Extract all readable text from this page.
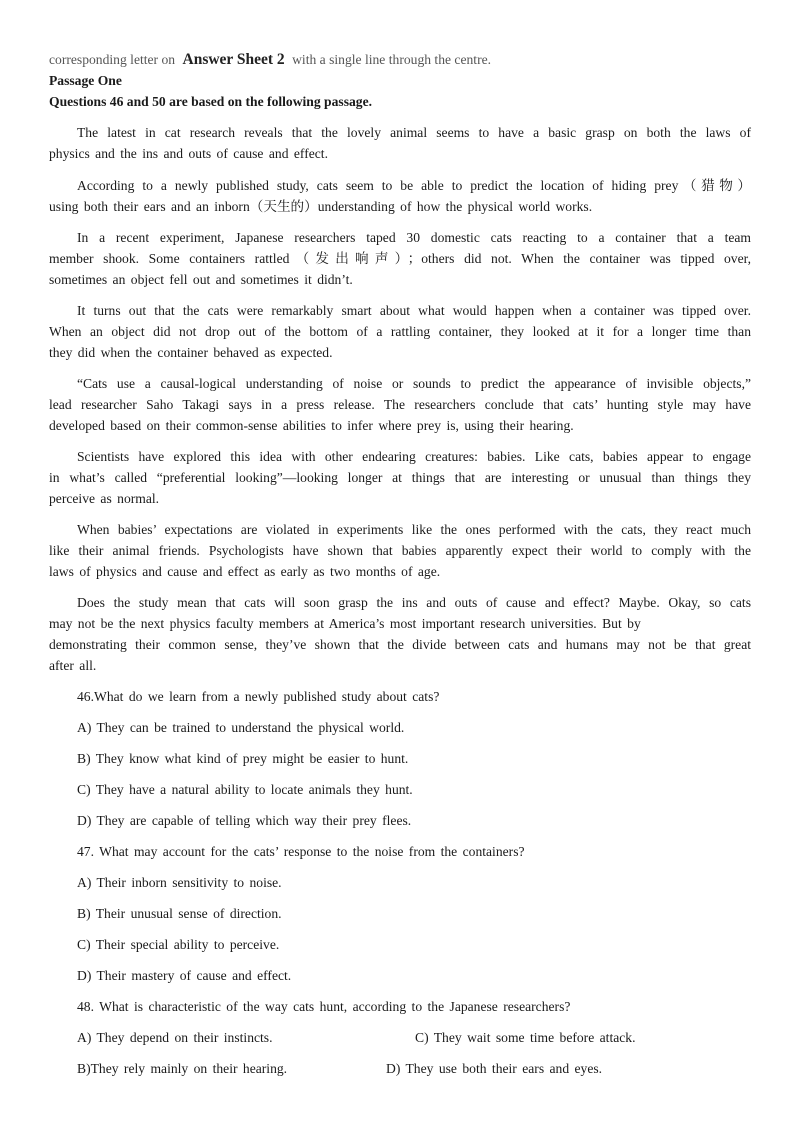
corresponding letter on Answer Sheet 2 with a single line through the centre.
Passage One
Questions 46 and 50 are based on the following passage.
The latest in cat research reveals that the lovely animal seems to have a basic grasp on both the laws of
physics and the ins and outs of cause and effect.
According to a newly published study, cats seem to be able to predict the location of hiding prey（猎物）
using both their ears and an inborn（天生的）understanding of how the physical world works.
In a recent experiment, Japanese researchers taped 30 domestic cats reacting to a container that a team
member shook. Some containers rattled（发出响声）；others did not. When the container was tipped over,
sometimes an object fell out and sometimes it didn’t.
It turns out that the cats were remarkably smart about what would happen when a container was tipped over.
When an object did not drop out of the bottom of a rattling container, they looked at it for a longer time than
they did when the container behaved as expected.
“Cats use a causal-logical understanding of noise or sounds to predict the appearance of invisible objects,”
lead researcher Saho Takagi says in a press release. The researchers conclude that cats’ hunting style may have
developed based on their common-sense abilities to infer where prey is, using their hearing.
Scientists have explored this idea with other endearing creatures: babies. Like cats, babies appear to engage
in what’s called “preferential looking”—looking longer at things that are interesting or unusual than things they
perceive as normal.
When babies’ expectations are violated in experiments like the ones performed with the cats, they react much
like their animal friends. Psychologists have shown that babies apparently expect their world to comply with the
laws of physics and cause and effect as early as two months of age.
Does the study mean that cats will soon grasp the ins and outs of cause and effect? Maybe. Okay, so cats
may not be the next physics faculty members at America’s most important research universities. But by
demonstrating their common sense, they’ve shown that the divide between cats and humans may not be that great
after all.
46.What do we learn from a newly published study about cats?
A) They can be trained to understand the physical world.
B) They know what kind of prey might be easier to hunt.
C) They have a natural ability to locate animals they hunt.
D) They are capable of telling which way their prey flees.
47. What may account for the cats’ response to the noise from the containers?
A) Their inborn sensitivity to noise.
B) Their unusual sense of direction.
C) Their special ability to perceive.
D) Their mastery of cause and effect.
48. What is characteristic of the way cats hunt, according to the Japanese researchers?
A) They depend on their instincts.	C) They wait some time before attack.
B)They rely mainly on their hearing.	D) They use both their ears and eyes.
